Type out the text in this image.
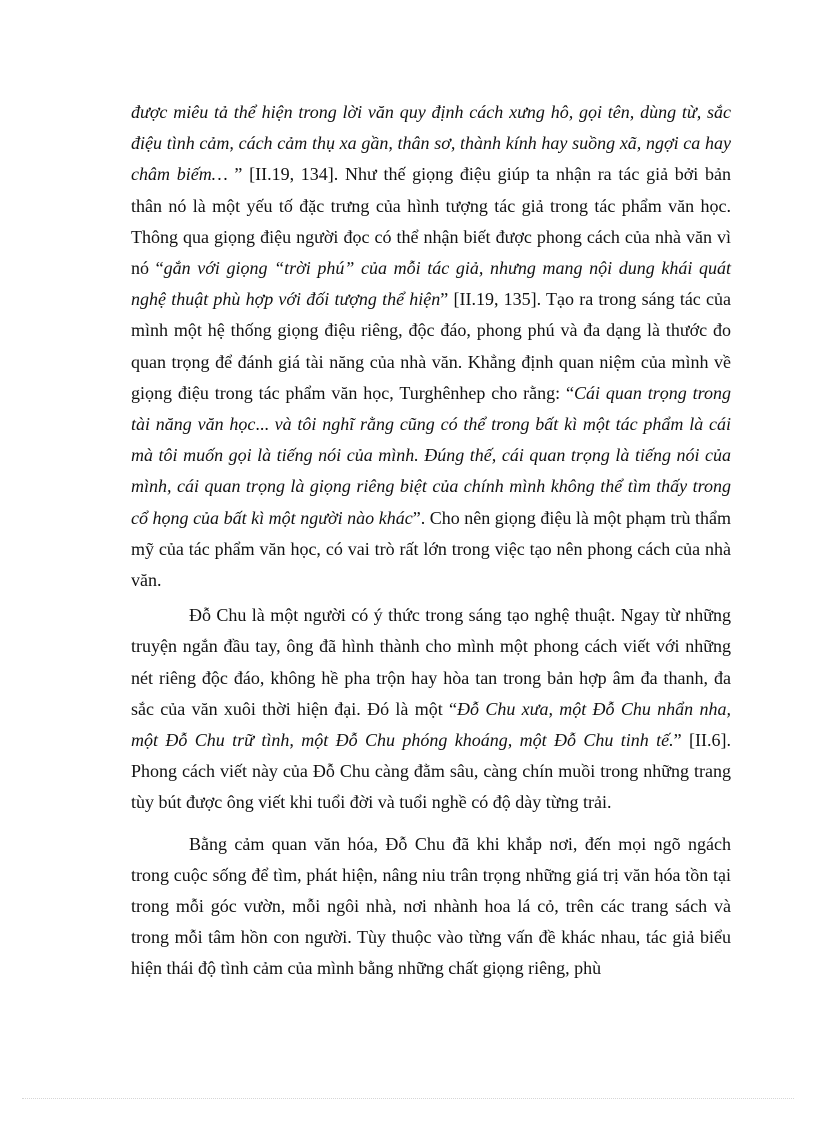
được miêu tả thể hiện trong lời văn quy định cách xưng hô, gọi tên, dùng từ, sắc điệu tình cảm, cách cảm thụ xa gần, thân sơ, thành kính hay suồng xã, ngợi ca hay châm biếm… ” [II.19, 134]. Như thế giọng điệu giúp ta nhận ra tác giả bởi bản thân nó là một yếu tố đặc trưng của hình tượng tác giả trong tác phẩm văn học. Thông qua giọng điệu người đọc có thể nhận biết được phong cách của nhà văn vì nó “gắn với giọng “trời phú” của mỗi tác giả, nhưng mang nội dung khái quát nghệ thuật phù hợp với đối tượng thể hiện” [II.19, 135]. Tạo ra trong sáng tác của mình một hệ thống giọng điệu riêng, độc đáo, phong phú và đa dạng là thước đo quan trọng để đánh giá tài năng của nhà văn. Khẳng định quan niệm của mình về giọng điệu trong tác phẩm văn học, Turghênhep cho rằng: “Cái quan trọng trong tài năng văn học... và tôi nghĩ rằng cũng có thể trong bất kì một tác phẩm là cái mà tôi muốn gọi là tiếng nói của mình. Đúng thế, cái quan trọng là tiếng nói của mình, cái quan trọng là giọng riêng biệt của chính mình không thể tìm thấy trong cổ họng của bất kì một người nào khác”. Cho nên giọng điệu là một phạm trù thẩm mỹ của tác phẩm văn học, có vai trò rất lớn trong việc tạo nên phong cách của nhà văn.

Đỗ Chu là một người có ý thức trong sáng tạo nghệ thuật. Ngay từ những truyện ngắn đầu tay, ông đã hình thành cho mình một phong cách viết với những nét riêng độc đáo, không hề pha trộn hay hòa tan trong bản hợp âm đa thanh, đa sắc của văn xuôi thời hiện đại. Đó là một “Đỗ Chu xưa, một Đỗ Chu nhẩn nha, một Đỗ Chu trữ tình, một Đỗ Chu phóng khoáng, một Đỗ Chu tinh tế.” [II.6]. Phong cách viết này của Đỗ Chu càng đằm sâu, càng chín muồi trong những trang tùy bút được ông viết khi tuổi đời và tuổi nghề có độ dày từng trải.

Bằng cảm quan văn hóa, Đỗ Chu đã khi khắp nơi, đến mọi ngõ ngách trong cuộc sống để tìm, phát hiện, nâng niu trân trọng những giá trị văn hóa tồn tại trong mỗi góc vườn, mỗi ngôi nhà, nơi nhành hoa lá cỏ, trên các trang sách và trong mỗi tâm hồn con người. Tùy thuộc vào từng vấn đề khác nhau, tác giả biểu hiện thái độ tình cảm của mình bằng những chất giọng riêng, phù
